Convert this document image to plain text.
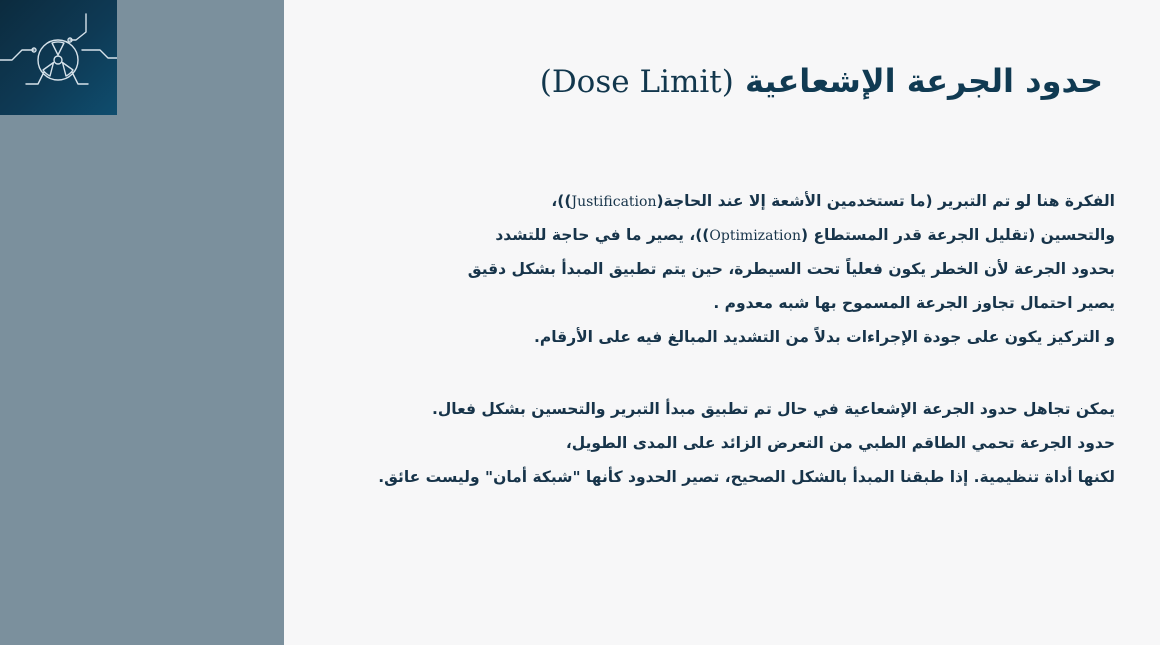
حدود الجرعة الإشعاعية (Dose Limit)
الفكرة هنا لو تم التبرير (ما تستخدمين الأشعة إلا عند الحاجة(Justification))،
والتحسين (تقليل الجرعة قدر المستطاع (Optimization))، يصير ما في حاجة للتشدد
بحدود الجرعة لأن الخطر يكون فعلياً تحت السيطرة، حين يتم تطبيق المبدأ بشكل دقيق
يصير احتمال تجاوز الجرعة المسموح بها شبه معدوم .
و التركيز يكون على جودة الإجراءات بدلاً من التشديد المبالغ فيه على الأرقام.
يمكن تجاهل حدود الجرعة الإشعاعية في حال تم تطبيق مبدأ التبرير والتحسين بشكل فعال.
حدود الجرعة تحمي الطاقم الطبي من التعرض الزائد على المدى الطويل،
لكنها أداة تنظيمية. إذا طبقنا المبدأ بالشكل الصحيح، تصير الحدود كأنها "شبكة أمان" وليست عائق.
